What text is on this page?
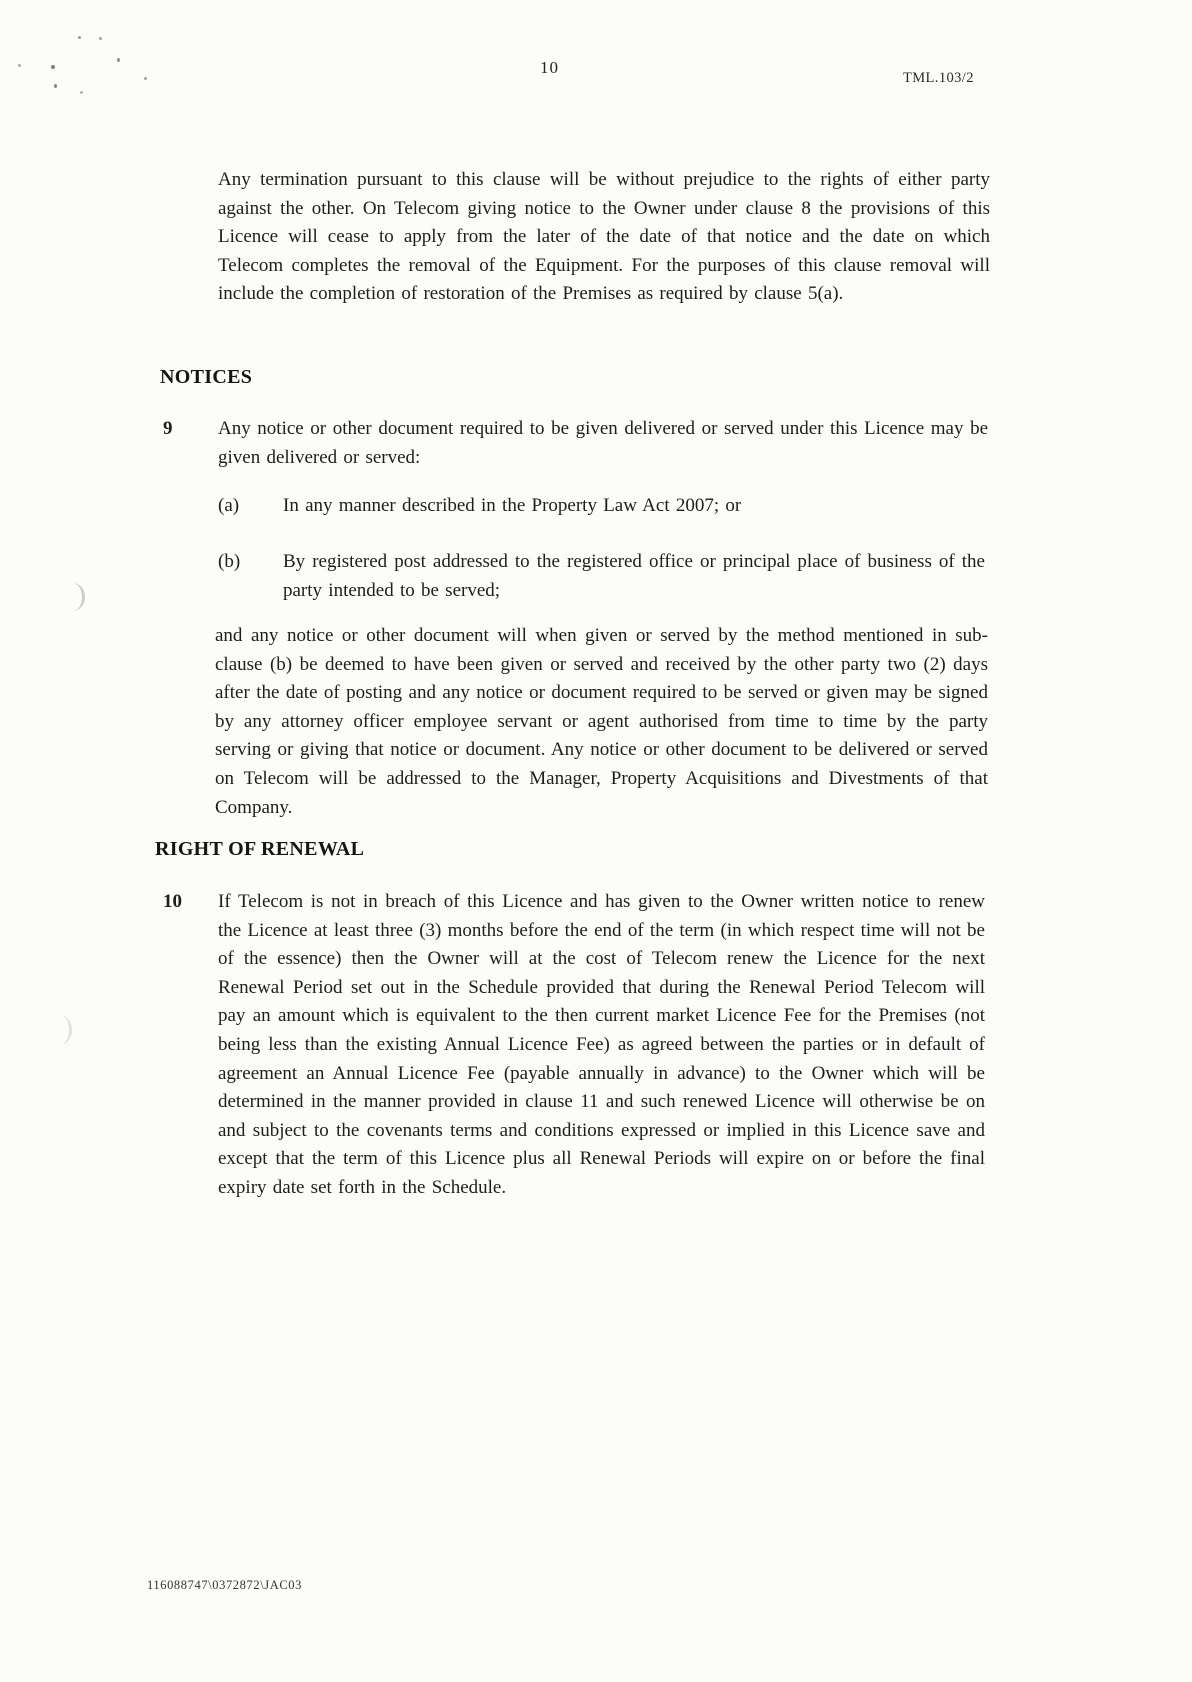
10
TML.103/2

Any termination pursuant to this clause will be without prejudice to the rights of either party against the other. On Telecom giving notice to the Owner under clause 8 the provisions of this Licence will cease to apply from the later of the date of that notice and the date on which Telecom completes the removal of the Equipment. For the purposes of this clause removal will include the completion of restoration of the Premises as required by clause 5(a).

NOTICES
9	Any notice or other document required to be given delivered or served under this Licence may be given delivered or served:
(a)	In any manner described in the Property Law Act 2007; or
(b)	By registered post addressed to the registered office or principal place of business of the party intended to be served;

and any notice or other document will when given or served by the method mentioned in sub-clause (b) be deemed to have been given or served and received by the other party two (2) days after the date of posting and any notice or document required to be served or given may be signed by any attorney officer employee servant or agent authorised from time to time by the party serving or giving that notice or document. Any notice or other document to be delivered or served on Telecom will be addressed to the Manager, Property Acquisitions and Divestments of that Company.

RIGHT OF RENEWAL
10	If Telecom is not in breach of this Licence and has given to the Owner written notice to renew the Licence at least three (3) months before the end of the term (in which respect time will not be of the essence) then the Owner will at the cost of Telecom renew the Licence for the next Renewal Period set out in the Schedule provided that during the Renewal Period Telecom will pay an amount which is equivalent to the then current market Licence Fee for the Premises (not being less than the existing Annual Licence Fee) as agreed between the parties or in default of agreement an Annual Licence Fee (payable annually in advance) to the Owner which will be determined in the manner provided in clause 11 and such renewed Licence will otherwise be on and subject to the covenants terms and conditions expressed or implied in this Licence save and except that the term of this Licence plus all Renewal Periods will expire on or before the final expiry date set forth in the Schedule.
116088747\0372872\JAC03
